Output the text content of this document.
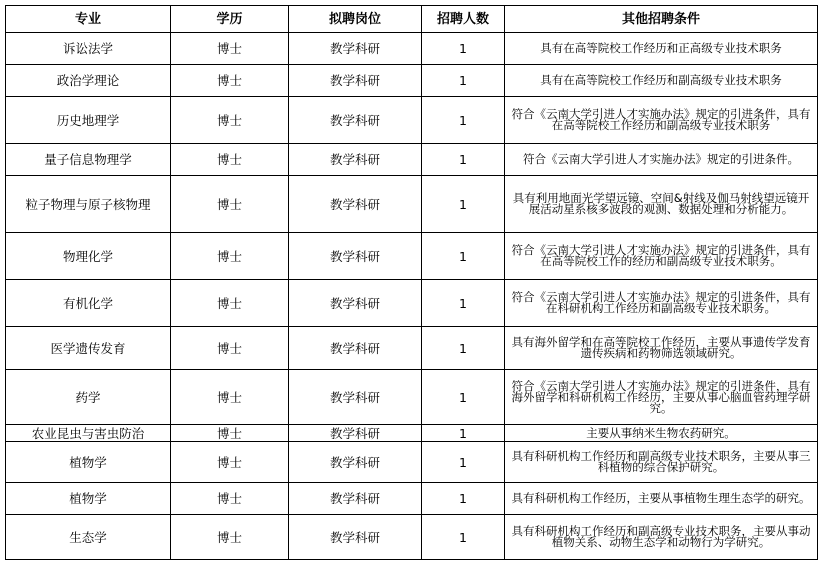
专业	学历	拟聘岗位	招聘人数	其他招聘条件
诉讼法学	博士	教学科研	1	具有在高等院校工作经历和正高级专业技术职务
政治学理论	博士	教学科研	1	具有在高等院校工作经历和副高级专业技术职务
历史地理学	博士	教学科研	1	符合《云南大学引进人才实施办法》规定的引进条件，具有在高等院校工作经历和副高级专业技术职务
量子信息物理学	博士	教学科研	1	符合《云南大学引进人才实施办法》规定的引进条件。
粒子物理与原子核物理	博士	教学科研	1	具有利用地面光学望远镜、空间&射线及伽马射线望远镜开展活动星系核多波段的观测、数据处理和分析能力。
物理化学	博士	教学科研	1	符合《云南大学引进人才实施办法》规定的引进条件，具有在高等院校工作的经历和副高级专业技术职务。
有机化学	博士	教学科研	1	符合《云南大学引进人才实施办法》规定的引进条件，具有在科研机构工作经历和副高级专业技术职务。
医学遗传发育	博士	教学科研	1	具有海外留学和在高等院校工作经历，主要从事遗传学发育遗传疾病和药物筛选领域研究。
药学	博士	教学科研	1	符合《云南大学引进人才实施办法》规定的引进条件，具有海外留学和科研机构工作经历，主要从事心脑血管药理学研究。
农业昆虫与害虫防治	博士	教学科研	1	主要从事纳米生物农药研究。
植物学	博士	教学科研	1	具有科研机构工作经历和副高级专业技术职务，主要从事三科植物的综合保护研究。
植物学	博士	教学科研	1	具有科研机构工作经历，主要从事植物生理生态学的研究。
生态学	博士	教学科研	1	具有科研机构工作经历和副高级专业技术职务，主要从事动植物关系、动物生态学和动物行为学研究。
